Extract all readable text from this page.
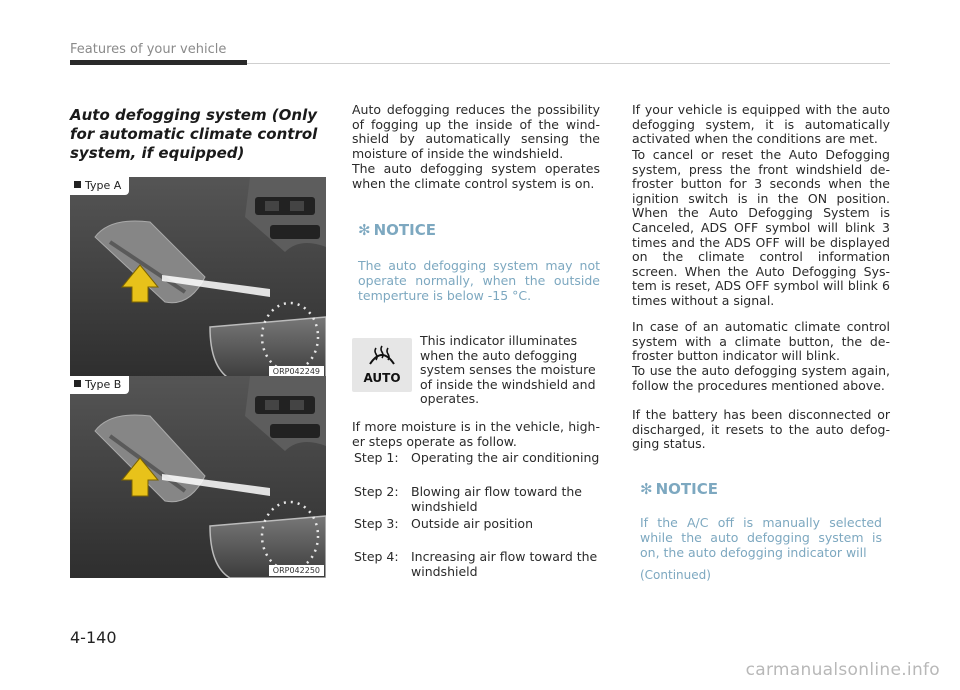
Features of your vehicle
Auto defogging system (Only for automatic climate control system, if equipped)
Type A
ORP042249
Type B
ORP042250
Auto defogging reduces the possibility of fogging up the inside of the wind-shield by automatically sensing the moisture of inside the windshield.
The auto defogging system operates when the climate control system is on.
✻ NOTICE
The auto defogging system may not operate normally, when the outside temperture is below -15 °C.
AUTO
This indicator illuminates when the auto defogging system senses the moisture of inside the windshield and operates.
If more moisture is in the vehicle, high-er steps operate as follow.
Step 1: Operating the air conditioning
Step 2: Blowing air flow toward the windshield
Step 3: Outside air position
Step 4: Increasing air flow toward the windshield
If your vehicle is equipped with the auto defogging system, it is automatically activated when the conditions are met.
To cancel or reset the Auto Defogging system, press the front windshield de-froster button for 3 seconds when the ignition switch is in the ON position. When the Auto Defogging System is Canceled, ADS OFF symbol will blink 3 times and the ADS OFF will be displayed on the climate control information screen. When the Auto Defogging Sys-tem is reset, ADS OFF symbol will blink 6 times without a signal.
In case of an automatic climate control system with a climate button, the de-froster button indicator will blink.
To use the auto defogging system again, follow the procedures mentioned above.
If the battery has been disconnected or discharged, it resets to the auto defog-ging status.
✻ NOTICE
If the A/C off is manually selected while the auto defogging system is on, the auto defogging indicator will
(Continued)
4-140
carmanualsonline.info
